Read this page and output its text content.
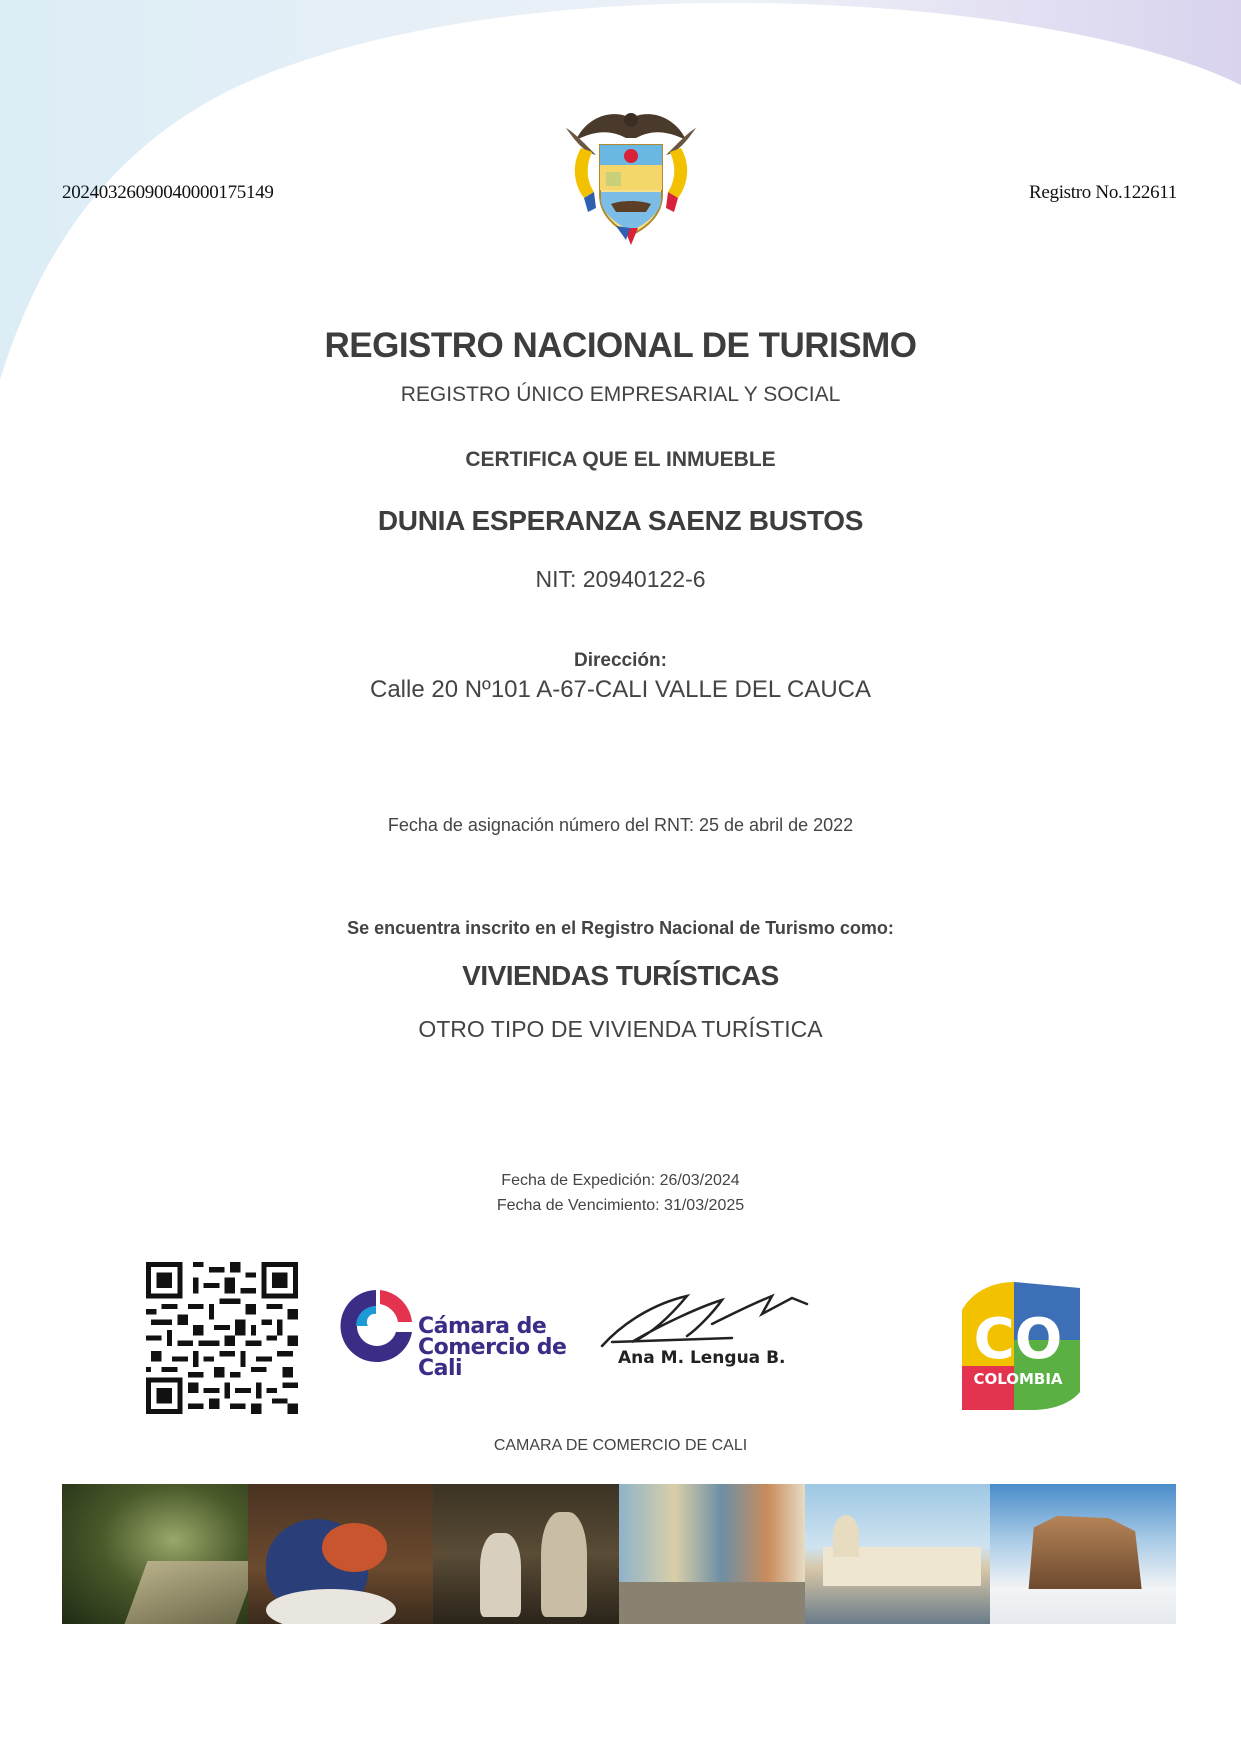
20240326090040000175149	Registro No.122611
REGISTRO NACIONAL DE TURISMO
REGISTRO ÚNICO EMPRESARIAL Y SOCIAL
CERTIFICA QUE EL INMUEBLE
DUNIA ESPERANZA SAENZ BUSTOS
NIT: 20940122-6
Dirección:
Calle 20 Nº101 A-67-CALI VALLE DEL CAUCA
Fecha de asignación número del RNT: 25 de abril de 2022
Se encuentra inscrito en el Registro Nacional de Turismo como:
VIVIENDAS TURÍSTICAS
OTRO TIPO DE VIVIENDA TURÍSTICA
Fecha de Expedición: 26/03/2024
Fecha de Vencimiento: 31/03/2025
Cámara de
Comercio de
Cali	Ana M. Lengua B.	CO
COLOMBIA
CAMARA DE COMERCIO DE CALI
